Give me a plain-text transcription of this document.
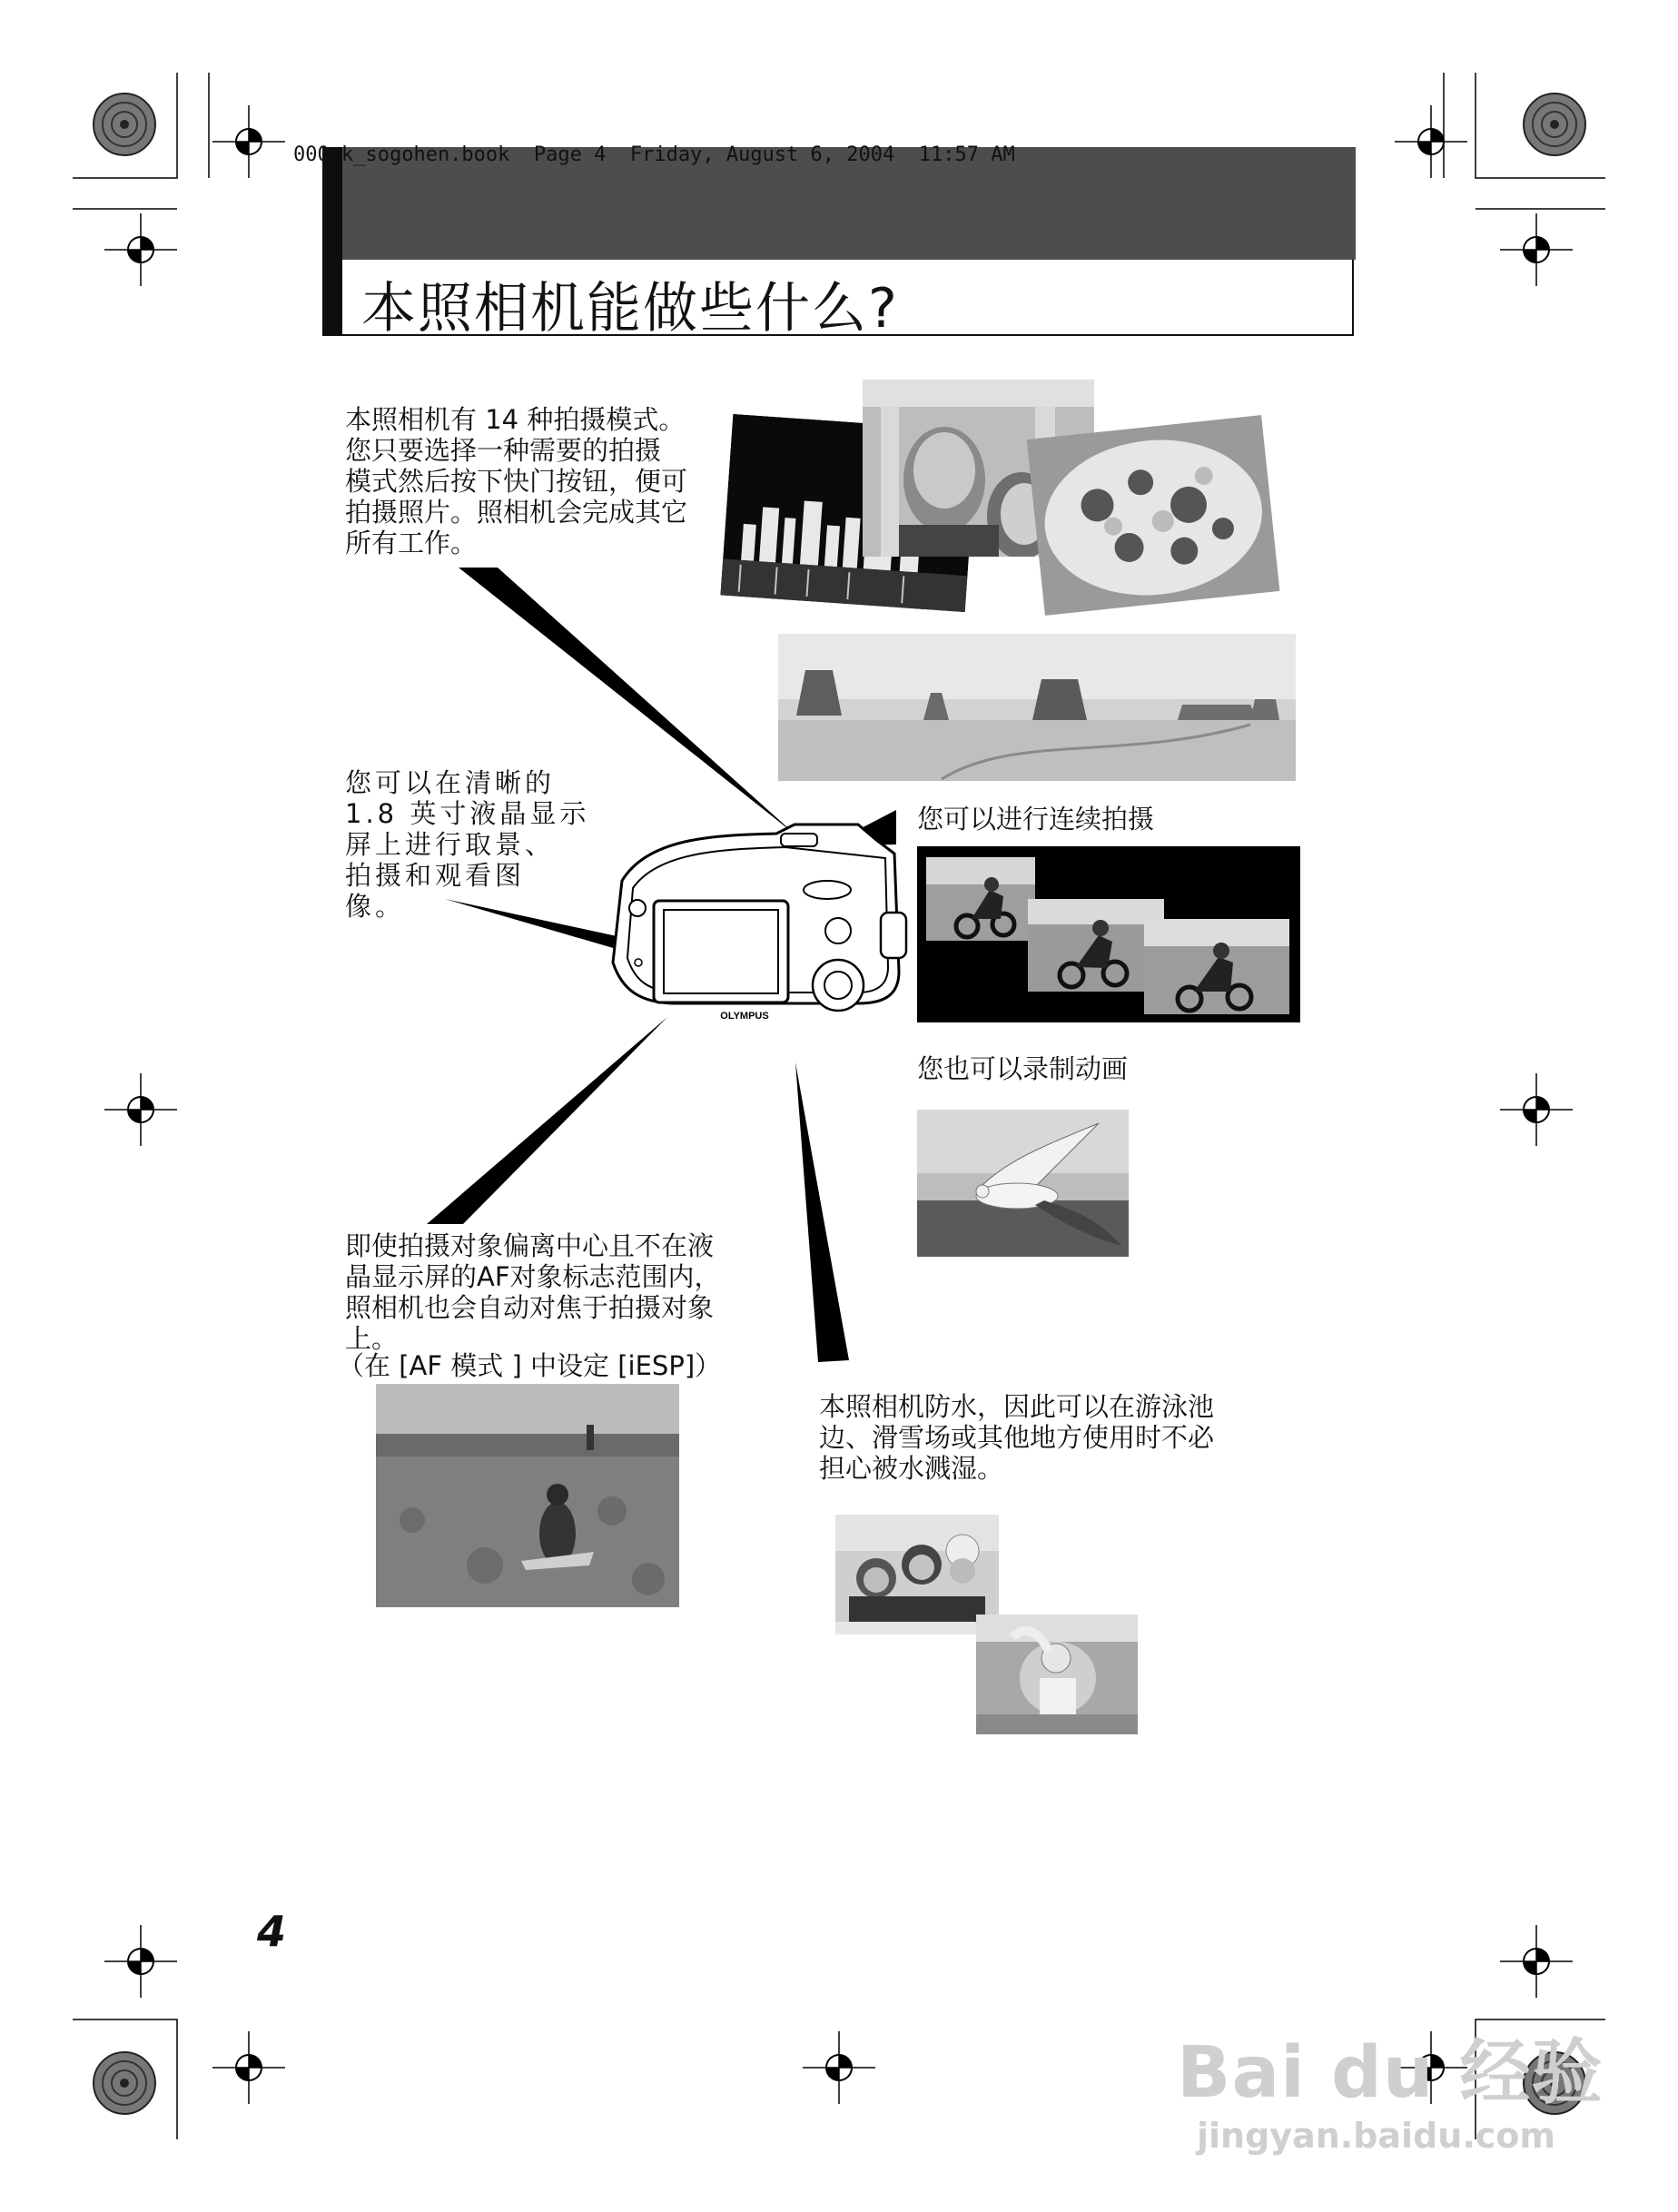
000_k_sogohen.book  Page 4  Friday, August 6, 2004  11:57 AM
本照相机能做些什么?
本照相机有 14 种拍摄模式。
您只要选择一种需要的拍摄
模式然后按下快门按钮，便可
拍摄照片。照相机会完成其它
所有工作。
您可以在清晰的
1.8 英寸液晶显示
屏上进行取景、
拍摄和观看图
像。
您可以进行连续拍摄
您也可以录制动画
即使拍摄对象偏离中心且不在液
晶显示屏的AF对象标志范围内，
照相机也会自动对焦于拍摄对象
上。
（在 [AF 模式 ] 中设定 [iESP]）
本照相机防水，因此可以在游泳池
边、滑雪场或其他地方使用时不必
担心被水溅湿。
OLYMPUS
4
Bai du 经验
jingyan.baidu.com
